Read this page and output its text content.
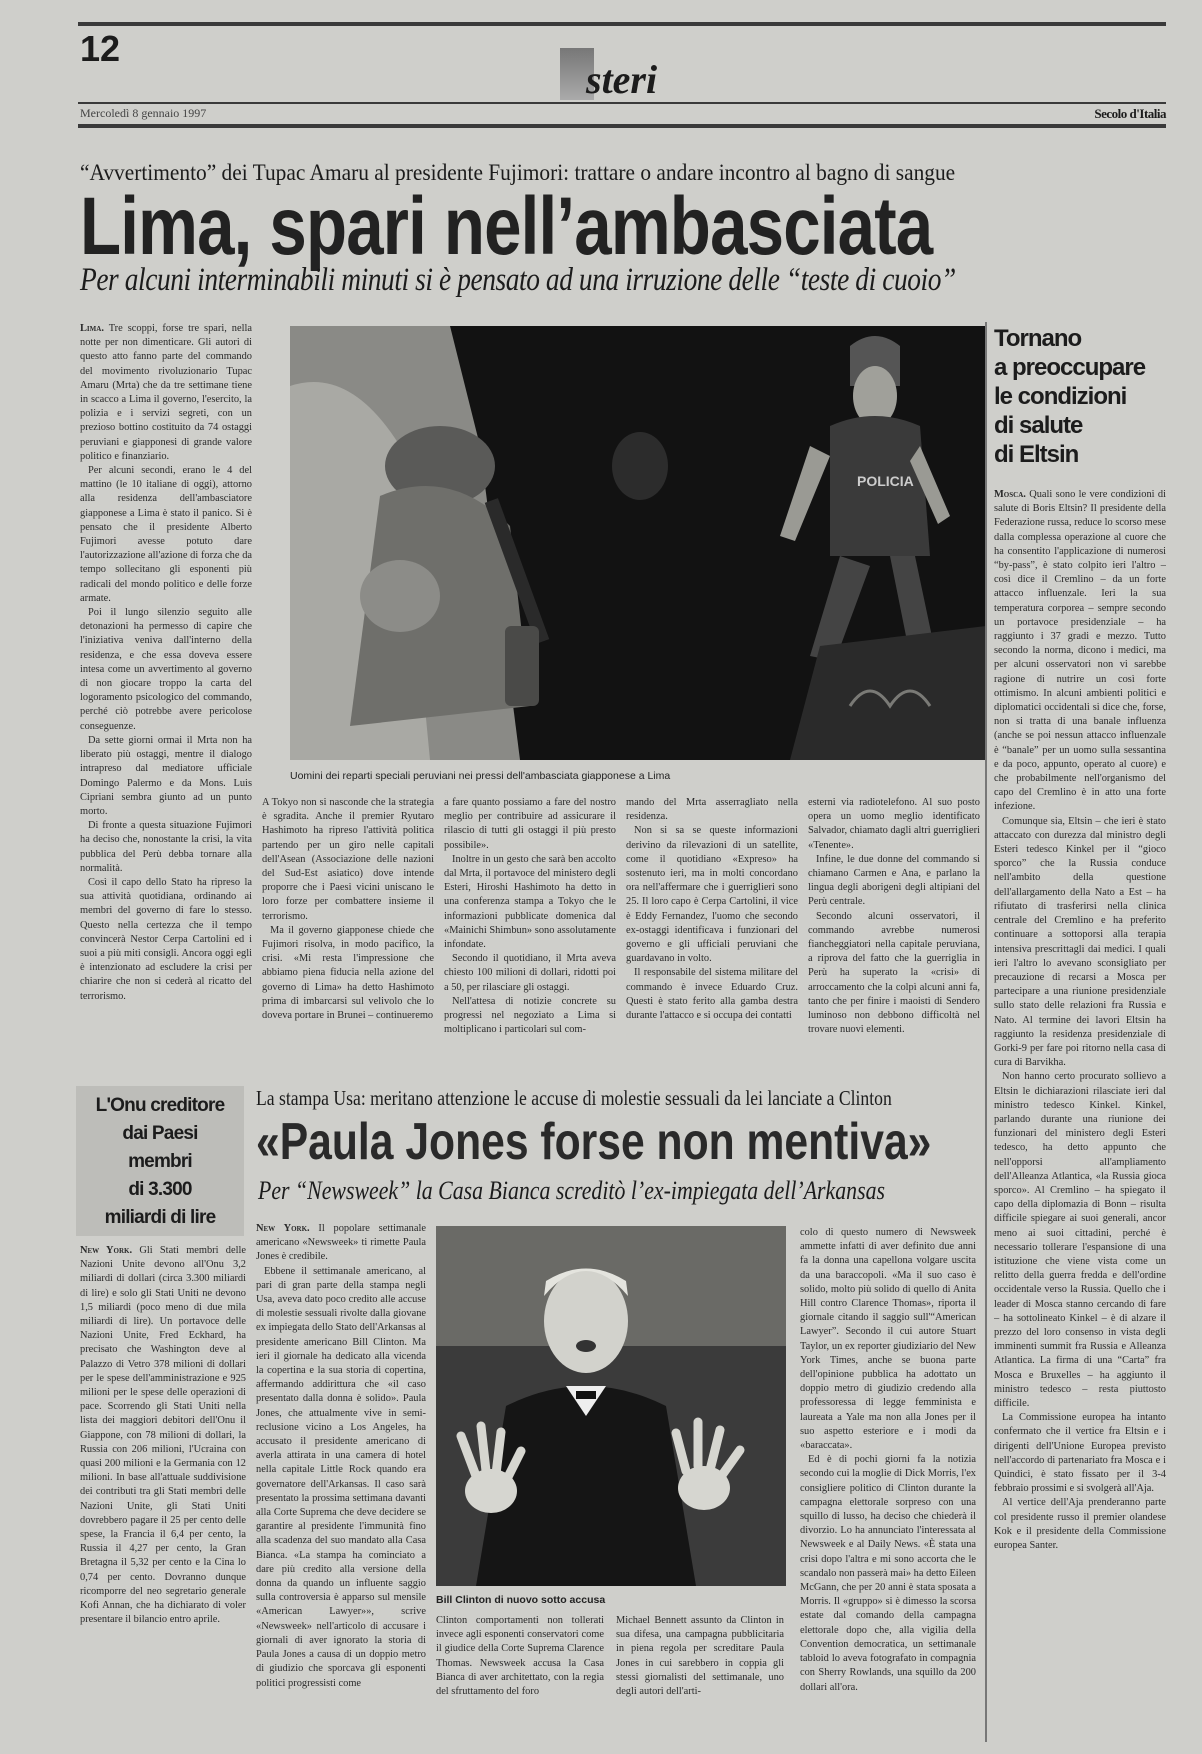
12
steri
Mercoledì 8 gennaio 1997	Secolo d'Italia
“Avvertimento” dei Tupac Amaru al presidente Fujimori: trattare o andare incontro al bagno di sangue
Lima, spari nell’ambasciata
Per alcuni interminabili minuti si è pensato ad una irruzione delle “teste di cuoio”

Lima. Tre scoppi, forse tre spari, nella notte per non dimenticare. Gli autori di questo atto fanno parte del commando del movimento rivoluzionario Tupac Amaru (Mrta) che da tre settimane tiene in scacco a Lima il governo, l'esercito, la polizia e i servizi segreti, con un prezioso bottino costituito da 74 ostaggi peruviani e giapponesi di grande valore politico e finanziario.

Per alcuni secondi, erano le 4 del mattino (le 10 italiane di oggi), attorno alla residenza dell'ambasciatore giapponese a Lima è stato il panico. Si è pensato che il presidente Alberto Fujimori avesse potuto dare l'autorizzazione all'azione di forza che da tempo sollecitano gli esponenti più radicali del mondo politico e delle forze armate.

Poi il lungo silenzio seguito alle detonazioni ha permesso di capire che l'iniziativa veniva dall'interno della residenza, e che essa doveva essere intesa come un avvertimento al governo di non giocare troppo la carta del logoramento psicologico del commando, perché ciò potrebbe avere pericolose conseguenze.

Da sette giorni ormai il Mrta non ha liberato più ostaggi, mentre il dialogo intrapreso dal mediatore ufficiale Domingo Palermo e da Mons. Luis Cipriani sembra giunto ad un punto morto.

Di fronte a questa situazione Fujimori ha deciso che, nonostante la crisi, la vita pubblica del Perù debba tornare alla normalità.

Così il capo dello Stato ha ripreso la sua attività quotidiana, ordinando ai membri del governo di fare lo stesso. Questo nella certezza che il tempo convincerà Nestor Cerpa Cartolini ed i suoi a più miti consigli. Ancora oggi egli è intenzionato ad escludere la crisi per chiarire che non si cederà al ricatto del terrorismo.

POLICIA
Uomini dei reparti speciali peruviani nei pressi dell'ambasciata giapponese a Lima
A Tokyo non si nasconde che la strategia è sgradita. Anche il premier Ryutaro Hashimoto ha ripreso l'attività politica partendo per un giro nelle capitali dell'Asean (Associazione delle nazioni del Sud-Est asiatico) dove intende proporre che i Paesi vicini uniscano le loro forze per combattere insieme il terrorismo.

Ma il governo giapponese chiede che Fujimori risolva, in modo pacifico, la crisi. «Mi resta l'impressione che abbiamo piena fiducia nella azione del governo di Lima» ha detto Hashimoto prima di imbarcarsi sul velivolo che lo doveva portare in Brunei – continueremo

a fare quanto possiamo a fare del nostro meglio per contribuire ad assicurare il rilascio di tutti gli ostaggi il più presto possibile».

Inoltre in un gesto che sarà ben accolto dal Mrta, il portavoce del ministero degli Esteri, Hiroshi Hashimoto ha detto in una conferenza stampa a Tokyo che le informazioni pubblicate domenica dal «Mainichi Shimbun» sono assolutamente infondate.

Secondo il quotidiano, il Mrta aveva chiesto 100 milioni di dollari, ridotti poi a 50, per rilasciare gli ostaggi.

Nell'attesa di notizie concrete su progressi nel negoziato a Lima si moltiplicano i particolari sul com-

mando del Mrta asserragliato nella residenza.

Non si sa se queste informazioni derivino da rilevazioni di un satellite, come il quotidiano «Expreso» ha sostenuto ieri, ma in molti concordano ora nell'affermare che i guerriglieri sono 25. Il loro capo è Cerpa Cartolini, il vice è Eddy Fernandez, l'uomo che secondo ex-ostaggi identificava i funzionari del governo e gli ufficiali peruviani che guardavano in volto.

Il responsabile del sistema militare del commando è invece Eduardo Cruz. Questi è stato ferito alla gamba destra durante l'attacco e si occupa dei contatti

esterni via radiotelefono. Al suo posto opera un uomo meglio identificato Salvador, chiamato dagli altri guerriglieri «Tenente».

Infine, le due donne del commando si chiamano Carmen e Ana, e parlano la lingua degli aborigeni degli altipiani del Perù centrale.

Secondo alcuni osservatori, il commando avrebbe numerosi fiancheggiatori nella capitale peruviana, a riprova del fatto che la guerriglia in Perù ha superato la «crisi» di arroccamento che la colpì alcuni anni fa, tanto che per finire i maoisti di Sendero luminoso non debbono difficoltà nel trovare nuovi elementi.

Tornano
a preoccupare
le condizioni
di salute
di Eltsin

Mosca. Quali sono le vere condizioni di salute di Boris Eltsin? Il presidente della Federazione russa, reduce lo scorso mese dalla complessa operazione al cuore che ha consentito l'applicazione di numerosi “by-pass”, è stato colpito ieri l'altro – così dice il Cremlino – da un forte attacco influenzale. Ieri la sua temperatura corporea – sempre secondo un portavoce presidenziale – ha raggiunto i 37 gradi e mezzo. Tutto secondo la norma, dicono i medici, ma per alcuni osservatori non vi sarebbe ragione di nutrire un così forte ottimismo. In alcuni ambienti politici e diplomatici occidentali si dice che, forse, non si tratta di una banale influenza (anche se poi nessun attacco influenzale è “banale” per un uomo sulla sessantina e da poco, appunto, operato al cuore) e che probabilmente nell'organismo del capo del Cremlino è in atto una forte infezione.

Comunque sia, Eltsin – che ieri è stato attaccato con durezza dal ministro degli Esteri tedesco Kinkel per il “gioco sporco” che la Russia conduce nell'ambito della questione dell'allargamento della Nato a Est – ha rifiutato di trasferirsi nella clinica centrale del Cremlino e ha preferito continuare a sottoporsi alla terapia intensiva prescrittagli dai medici. I quali ieri l'altro lo avevano sconsigliato per precauzione di recarsi a Mosca per partecipare a una riunione presidenziale sullo stato delle relazioni fra Russia e Nato. Al termine dei lavori Eltsin ha raggiunto la residenza presidenziale di Gorki-9 per fare poi ritorno nella casa di cura di Barvikha.

Non hanno certo procurato sollievo a Eltsin le dichiarazioni rilasciate ieri dal ministro tedesco Kinkel. Kinkel, parlando durante una riunione dei funzionari del ministero degli Esteri tedesco, ha detto appunto che nell'opporsi all'ampliamento dell'Alleanza Atlantica, «la Russia gioca sporco». Al Cremlino – ha spiegato il capo della diplomazia di Bonn – risulta difficile spiegare ai suoi generali, ancor meno ai suoi cittadini, perché è necessario tollerare l'espansione di una istituzione che viene vista come un relitto della guerra fredda e dell'ordine occidentale verso la Russia. Quello che i leader di Mosca stanno cercando di fare – ha sottolineato Kinkel – è di alzare il prezzo del loro consenso in vista degli imminenti summit fra Russia e Alleanza Atlantica. La firma di una “Carta” fra Mosca e Bruxelles – ha aggiunto il ministro tedesco – resta piuttosto difficile.

La Commissione europea ha intanto confermato che il vertice fra Eltsin e i dirigenti dell'Unione Europea previsto nell'accordo di partenariato fra Mosca e i Quindici, è stato fissato per il 3-4 febbraio prossimi e si svolgerà all'Aja.

Al vertice dell'Aja prenderanno parte col presidente russo il premier olandese Kok e il presidente della Commissione europea Santer.

L'Onu creditore
dai Paesi
membri
di 3.300
miliardi di lire

New York. Gli Stati membri delle Nazioni Unite devono all'Onu 3,2 miliardi di dollari (circa 3.300 miliardi di lire) e solo gli Stati Uniti ne devono 1,5 miliardi (poco meno di due mila miliardi di lire). Un portavoce delle Nazioni Unite, Fred Eckhard, ha precisato che Washington deve al Palazzo di Vetro 378 milioni di dollari per le spese dell'amministrazione e 925 milioni per le spese delle operazioni di pace. Scorrendo gli Stati Uniti nella lista dei maggiori debitori dell'Onu il Giappone, con 78 milioni di dollari, la Russia con 206 milioni, l'Ucraina con quasi 200 milioni e la Germania con 12 milioni. In base all'attuale suddivisione dei contributi tra gli Stati membri delle Nazioni Unite, gli Stati Uniti dovrebbero pagare il 25 per cento delle spese, la Francia il 6,4 per cento, la Russia il 4,27 per cento, la Gran Bretagna il 5,32 per cento e la Cina lo 0,74 per cento. Dovranno dunque ricomporre del neo segretario generale Kofi Annan, che ha dichiarato di voler presentare il bilancio entro aprile.

La stampa Usa: meritano attenzione le accuse di molestie sessuali da lei lanciate a Clinton
«Paula Jones forse non mentiva»
Per “Newsweek” la Casa Bianca screditò l’ex-impiegata dell’Arkansas

New York. Il popolare settimanale americano «Newsweek» ti rimette Paula Jones è credibile.

Ebbene il settimanale americano, al pari di gran parte della stampa negli Usa, aveva dato poco credito alle accuse di molestie sessuali rivolte dalla giovane ex impiegata dello Stato dell'Arkansas al presidente americano Bill Clinton. Ma ieri il giornale ha dedicato alla vicenda la copertina e la sua storia di copertina, affermando addirittura che «il caso presentato dalla donna è solido». Paula Jones, che attualmente vive in semi-reclusione vicino a Los Angeles, ha accusato il presidente americano di averla attirata in una camera di hotel nella capitale Little Rock quando era governatore dell'Arkansas. Il caso sarà presentato la prossima settimana davanti alla Corte Suprema che deve decidere se garantire al presidente l'immunità fino alla scadenza del suo mandato alla Casa Bianca. «La stampa ha cominciato a dare più credito alla versione della donna da quando un influente saggio sulla controversia è apparso sul mensile «American Lawyer»», scrive «Newsweek» nell'articolo di accusare i giornali di aver ignorato la storia di Paula Jones a causa di un doppio metro di giudizio che sporcava gli esponenti politici progressisti come

Bill Clinton di nuovo sotto accusa
Clinton comportamenti non tollerati invece agli esponenti conservatori come il giudice della Corte Suprema Clarence Thomas. Newsweek accusa la Casa Bianca di aver architettato, con la regia del sfruttamento del foro
Michael Bennett assunto da Clinton in sua difesa, una campagna pubblicitaria in piena regola per screditare Paula Jones in cui sarebbero in coppia gli stessi giornalisti del settimanale, uno degli autori dell'arti-
colo di questo numero di Newsweek ammette infatti di aver definito due anni fa la donna una capellona volgare uscita da una baraccopoli. «Ma il suo caso è solido, molto più solido di quello di Anita Hill contro Clarence Thomas», riporta il giornale citando il saggio sull'“American Lawyer”. Secondo il cui autore Stuart Taylor, un ex reporter giudiziario del New York Times, anche se buona parte dell'opinione pubblica ha adottato un doppio metro di giudizio credendo alla professoressa di legge femminista e laureata a Yale ma non alla Jones per il suo aspetto esteriore e i modi da «baraccata».

Ed è di pochi giorni fa la notizia secondo cui la moglie di Dick Morris, l'ex consigliere politico di Clinton durante la campagna elettorale sorpreso con una squillo di lusso, ha deciso che chiederà il divorzio. Lo ha annunciato l'interessata al Newsweek e al Daily News. «È stata una crisi dopo l'altra e mi sono accorta che le scandalo non passerà mai» ha detto Eileen McGann, che per 20 anni è stata sposata a Morris. Il «gruppo» si è dimesso la scorsa estate dal comando della campagna elettorale dopo che, alla vigilia della Convention democratica, un settimanale tabloid lo aveva fotografato in compagnia con Sherry Rowlands, una squillo da 200 dollari all'ora.
